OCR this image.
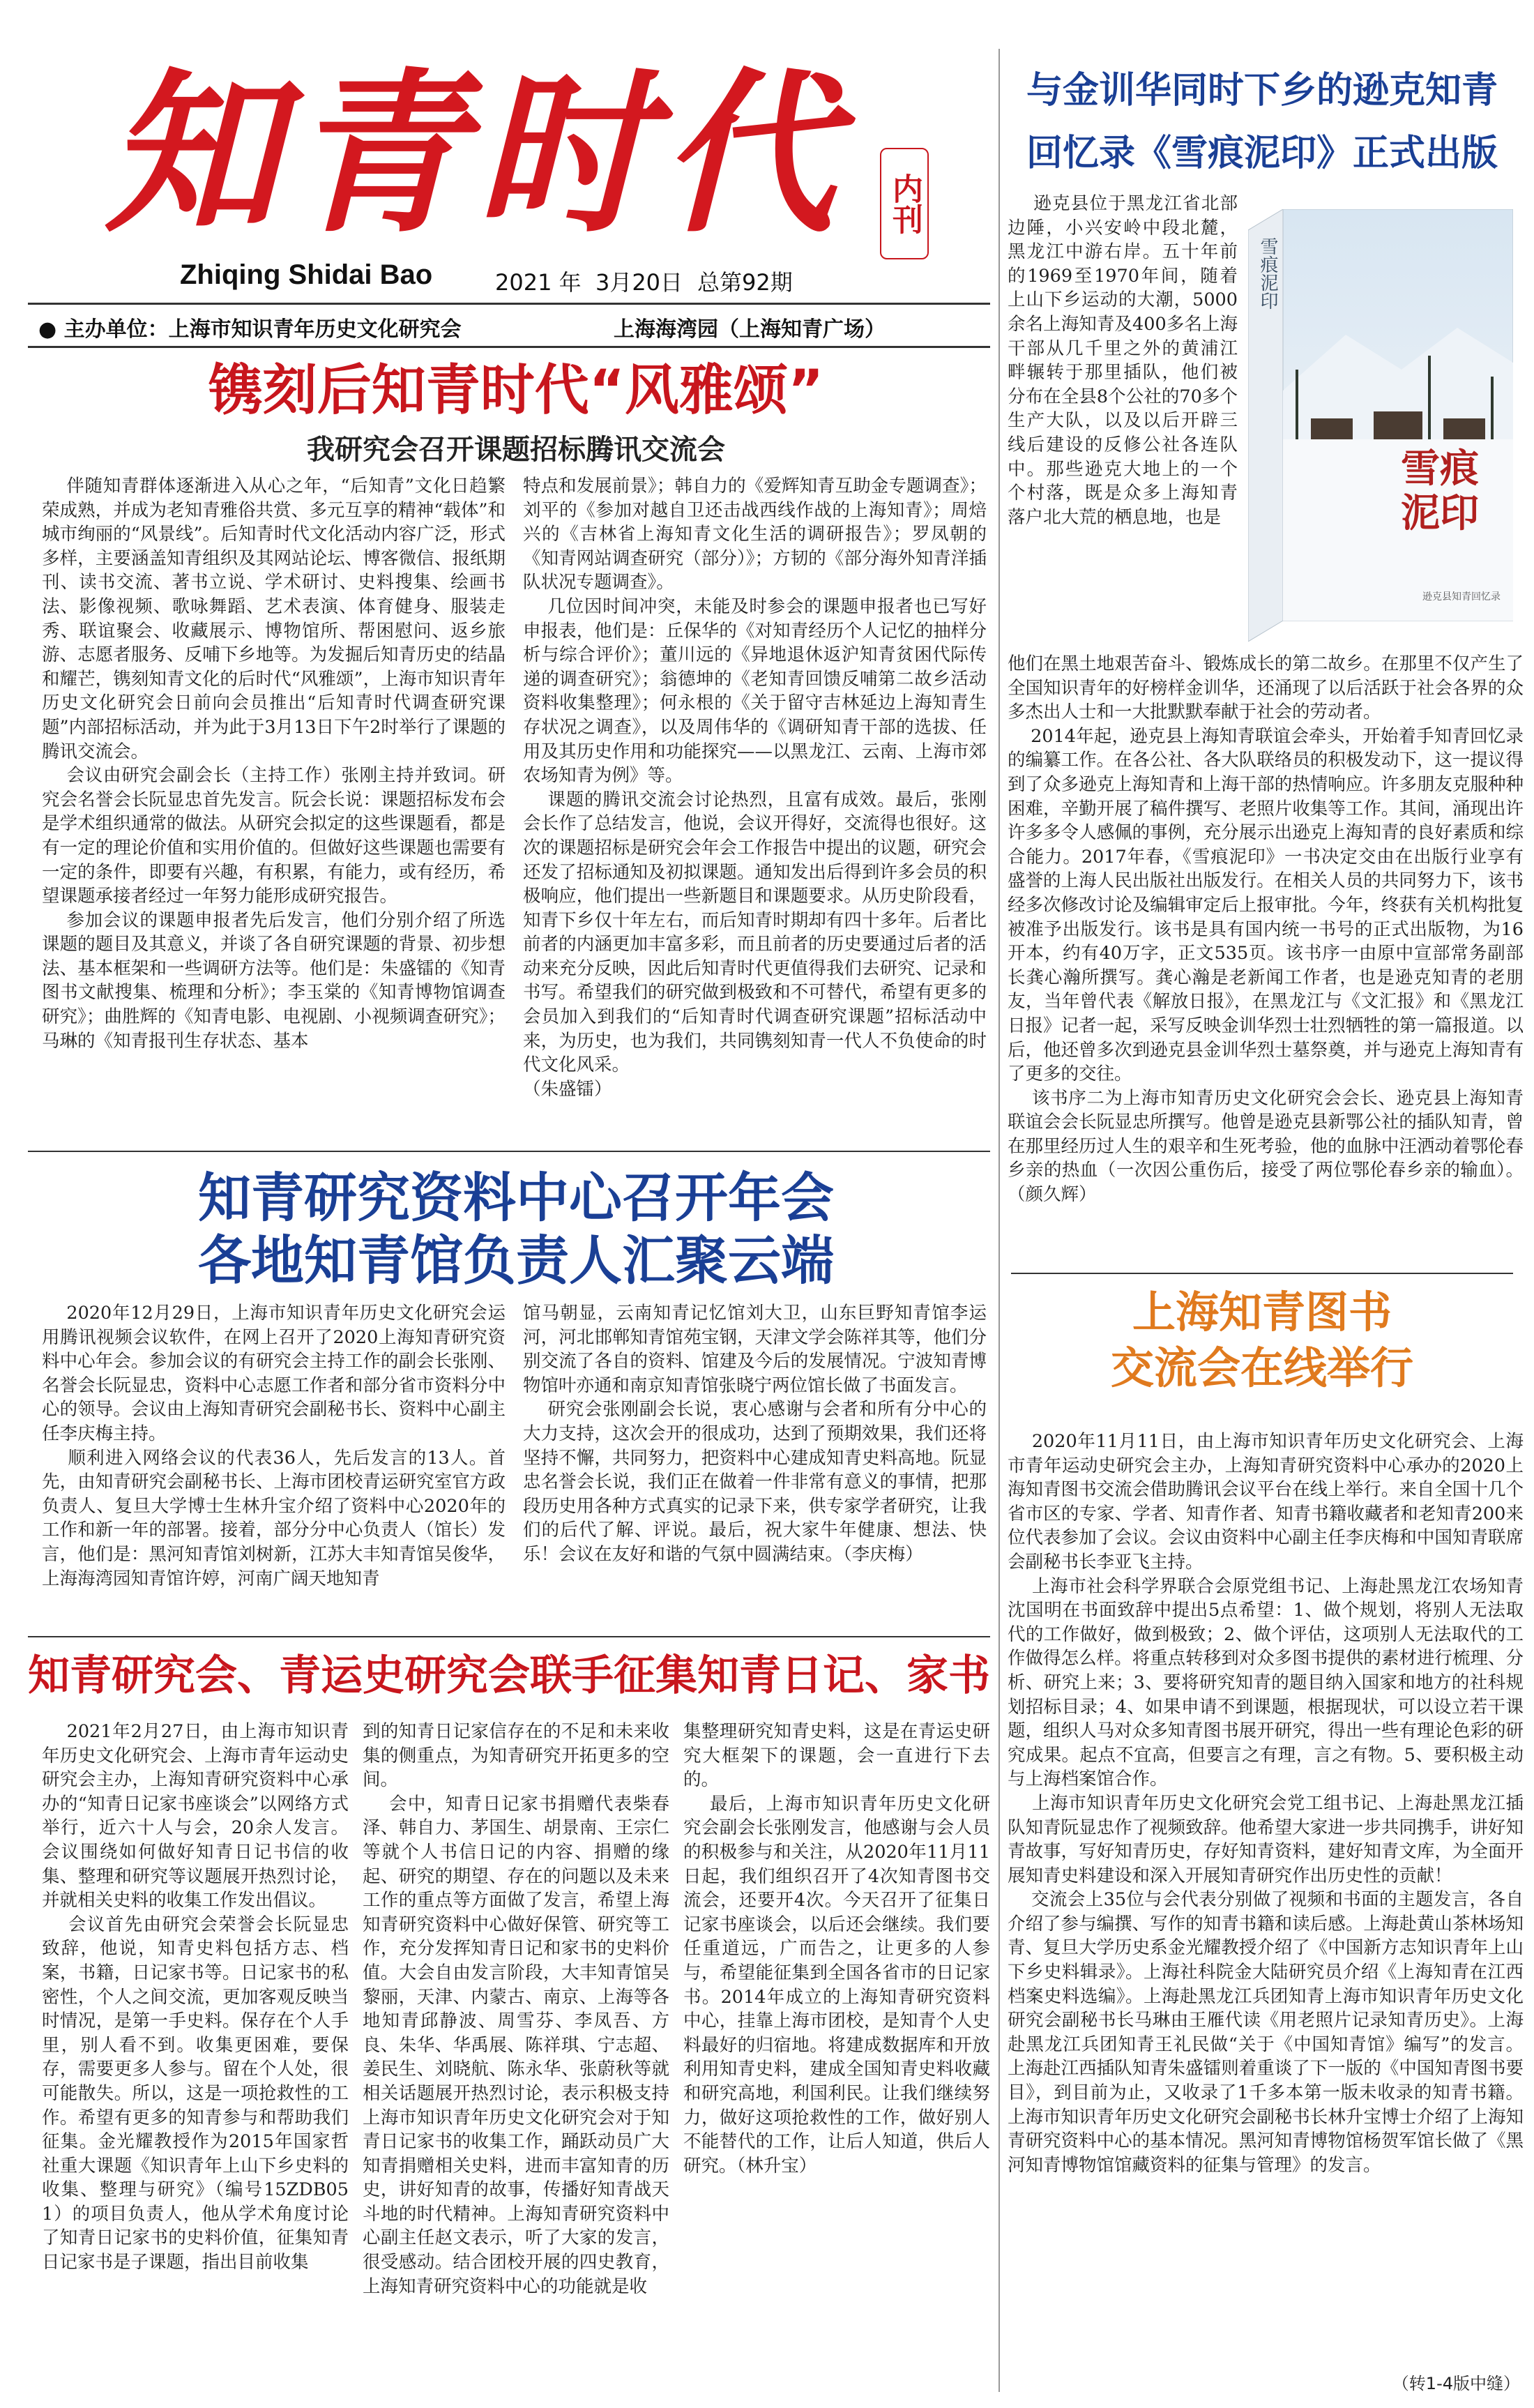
知青时代 内刊
Zhiqing Shidai Bao	2021 年  3月20日 总第92期
● 主办单位：上海市知识青年历史文化研究会	上海海湾园（上海知青广场）
镌刻后知青时代“风雅颂”
我研究会召开课题招标腾讯交流会
伴随知青群体逐渐进入从心之年，“后知青”文化日趋繁荣成熟，并成为老知青雅俗共赏、多元互享的精神“载体”和城市绚丽的“风景线”。后知青时代文化活动内容广泛，形式多样，主要涵盖知青组织及其网站论坛、博客微信、报纸期刊、读书交流、著书立说、学术研讨、史料搜集、绘画书法、影像视频、歌咏舞蹈、艺术表演、体育健身、服装走秀、联谊聚会、收藏展示、博物馆所、帮困慰问、返乡旅游、志愿者服务、反哺下乡地等。为发掘后知青历史的结晶和耀芒，镌刻知青文化的后时代“风雅颂”，上海市知识青年历史文化研究会日前向会员推出“后知青时代调查研究课题”内部招标活动，并为此于3月13日下午2时举行了课题的腾讯交流会。
会议由研究会副会长（主持工作）张刚主持并致词。研究会名誉会长阮显忠首先发言。阮会长说：课题招标发布会是学术组织通常的做法。从研究会拟定的这些课题看，都是有一定的理论价值和实用价值的。但做好这些课题也需要有一定的条件，即要有兴趣，有积累，有能力，或有经历，希望课题承接者经过一年努力能形成研究报告。
参加会议的课题申报者先后发言，他们分别介绍了所选课题的题目及其意义，并谈了各自研究课题的背景、初步想法、基本框架和一些调研方法等。他们是：朱盛镭的《知青图书文献搜集、梳理和分析》；李玉棠的《知青博物馆调查研究》；曲胜辉的《知青电影、电视剧、小视频调查研究》；马琳的《知青报刊生存状态、基本
特点和发展前景》；韩自力的《爱辉知青互助金专题调查》；刘平的《参加对越自卫还击战西线作战的上海知青》；周焙兴的《吉林省上海知青文化生活的调研报告》；罗凤朝的《知青网站调查研究（部分）》；方韧的《部分海外知青洋插队状况专题调查》。
几位因时间冲突，未能及时参会的课题申报者也已写好申报表，他们是：丘保华的《对知青经历个人记忆的抽样分析与综合评价》；董川远的《异地退休返沪知青贫困代际传递的调查研究》；翁德坤的《老知青回馈反哺第二故乡活动资料收集整理》；何永根的《关于留守吉林延边上海知青生存状况之调查》，以及周伟华的《调研知青干部的选拔、任用及其历史作用和功能探究——以黑龙江、云南、上海市郊农场知青为例》等。
课题的腾讯交流会讨论热烈，且富有成效。最后，张刚会长作了总结发言，他说，会议开得好，交流得也很好。这次的课题招标是研究会年会工作报告中提出的议题，研究会还发了招标通知及初拟课题。通知发出后得到许多会员的积极响应，他们提出一些新题目和课题要求。从历史阶段看，知青下乡仅十年左右，而后知青时期却有四十多年。后者比前者的内涵更加丰富多彩，而且前者的历史要通过后者的活动来充分反映，因此后知青时代更值得我们去研究、记录和书写。希望我们的研究做到极致和不可替代，希望有更多的会员加入到我们的“后知青时代调查研究课题”招标活动中来，为历史，也为我们，共同镌刻知青一代人不负使命的时代文化风采。
（朱盛镭）
知青研究资料中心召开年会
各地知青馆负责人汇聚云端
2020年12月29日，上海市知识青年历史文化研究会运用腾讯视频会议软件，在网上召开了2020上海知青研究资料中心年会。参加会议的有研究会主持工作的副会长张刚、名誉会长阮显忠，资料中心志愿工作者和部分省市资料分中心的领导。会议由上海知青研究会副秘书长、资料中心副主任李庆梅主持。
顺利进入网络会议的代表36人，先后发言的13人。首先，由知青研究会副秘书长、上海市团校青运研究室官方政负责人、复旦大学博士生林升宝介绍了资料中心2020年的工作和新一年的部署。接着，部分分中心负责人（馆长）发言，他们是：黑河知青馆刘树新，江苏大丰知青馆吴俊华，上海海湾园知青馆许婷，河南广阔天地知青
馆马朝显，云南知青记忆馆刘大卫，山东巨野知青馆李运河，河北邯郸知青馆苑宝钢，天津文学会陈祥其等，他们分别交流了各自的资料、馆建及今后的发展情况。宁波知青博物馆叶亦通和南京知青馆张晓宁两位馆长做了书面发言。
研究会张刚副会长说，衷心感谢与会者和所有分中心的大力支持，这次会开的很成功，达到了预期效果，我们还将坚持不懈，共同努力，把资料中心建成知青史料高地。阮显忠名誉会长说，我们正在做着一件非常有意义的事情，把那段历史用各种方式真实的记录下来，供专家学者研究，让我们的后代了解、评说。最后，祝大家牛年健康、想法、快乐！会议在友好和谐的气氛中圆满结束。（李庆梅）
知青研究会、青运史研究会联手征集知青日记、家书
2021年2月27日，由上海市知识青年历史文化研究会、上海市青年运动史研究会主办，上海知青研究资料中心承办的“知青日记家书座谈会”以网络方式举行，近六十人与会，20余人发言。会议围绕如何做好知青日记书信的收集、整理和研究等议题展开热烈讨论，并就相关史料的收集工作发出倡议。
会议首先由研究会荣誉会长阮显忠致辞，他说，知青史料包括方志、档案，书籍，日记家书等。日记家书的私密性，个人之间交流，更加客观反映当时情况，是第一手史料。保存在个人手里，别人看不到。收集更困难，要保存，需要更多人参与。留在个人处，很可能散失。所以，这是一项抢救性的工作。希望有更多的知青参与和帮助我们征集。金光耀教授作为2015年国家哲社重大课题《知识青年上山下乡史料的收集、整理与研究》（编号15ZDB051）的项目负责人，他从学术角度讨论了知青日记家书的史料价值，征集知青日记家书是子课题，指出目前收集
到的知青日记家信存在的不足和未来收集的侧重点，为知青研究开拓更多的空间。
会中，知青日记家书捐赠代表柴春泽、韩自力、茅国生、胡景南、王宗仁等就个人书信日记的内容、捐赠的缘起、研究的期望、存在的问题以及未来工作的重点等方面做了发言，希望上海知青研究资料中心做好保管、研究等工作，充分发挥知青日记和家书的史料价值。大会自由发言阶段，大丰知青馆吴黎丽，天津、内蒙古、南京、上海等各地知青邱静波、周雪芬、李凤吾、方良、朱华、华禹展、陈祥琪、宁志超、姜民生、刘晓航、陈永华、张蔚秋等就相关话题展开热烈讨论，表示积极支持上海市知识青年历史文化研究会对于知青日记家书的收集工作，踊跃动员广大知青捐赠相关史料，进而丰富知青的历史，讲好知青的故事，传播好知青战天斗地的时代精神。上海知青研究资料中心副主任赵文表示，听了大家的发言，很受感动。结合团校开展的四史教育，上海知青研究资料中心的功能就是收
集整理研究知青史料，这是在青运史研究大框架下的课题，会一直进行下去的。
最后，上海市知识青年历史文化研究会副会长张刚发言，他感谢与会人员的积极参与和关注，从2020年11月11日起，我们组织召开了4次知青图书交流会，还要开4次。今天召开了征集日记家书座谈会，以后还会继续。我们要任重道远，广而告之，让更多的人参与，希望能征集到全国各省市的日记家书。2014年成立的上海知青研究资料中心，挂靠上海市团校，是知青个人史料最好的归宿地。将建成数据库和开放利用知青史料，建成全国知青史料收藏和研究高地，利国利民。让我们继续努力，做好这项抢救性的工作，做好别人不能替代的工作，让后人知道，供后人研究。（林升宝）
与金训华同时下乡的逊克知青
回忆录《雪痕泥印》正式出版
逊克县位于黑龙江省北部边陲，小兴安岭中段北麓，黑龙江中游右岸。五十年前的1969至1970年间，随着上山下乡运动的大潮，5000余名上海知青及400多名上海干部从几千里之外的黄浦江畔辗转于那里插队，他们被分布在全县8个公社的70多个生产大队，以及以后开辟三线后建设的反修公社各连队中。那些逊克大地上的一个个村落，既是众多上海知青落户北大荒的栖息地，也是
雪痕泥印
雪痕泥印
逊克县知青回忆录
他们在黑土地艰苦奋斗、锻炼成长的第二故乡。在那里不仅产生了全国知识青年的好榜样金训华，还涌现了以后活跃于社会各界的众多杰出人士和一大批默默奉献于社会的劳动者。
2014年起，逊克县上海知青联谊会牵头，开始着手知青回忆录的编纂工作。在各公社、各大队联络员的积极发动下，这一提议得到了众多逊克上海知青和上海干部的热情响应。许多朋友克服种种困难，辛勤开展了稿件撰写、老照片收集等工作。其间，涌现出许许多多令人感佩的事例，充分展示出逊克上海知青的良好素质和综合能力。2017年春，《雪痕泥印》一书决定交由在出版行业享有盛誉的上海人民出版社出版发行。在相关人员的共同努力下，该书经多次修改讨论及编辑审定后上报审批。今年，终获有关机构批复被准予出版发行。该书是具有国内统一书号的正式出版物，为16开本，约有40万字，正文535页。该书序一由原中宣部常务副部长龚心瀚所撰写。龚心瀚是老新闻工作者，也是逊克知青的老朋友，当年曾代表《解放日报》，在黑龙江与《文汇报》和《黑龙江日报》记者一起，采写反映金训华烈士壮烈牺牲的第一篇报道。以后，他还曾多次到逊克县金训华烈士墓祭奠，并与逊克上海知青有了更多的交往。
该书序二为上海市知青历史文化研究会会长、逊克县上海知青联谊会会长阮显忠所撰写。他曾是逊克县新鄂公社的插队知青，曾在那里经历过人生的艰辛和生死考验，他的血脉中汪洒动着鄂伦春乡亲的热血（一次因公重伤后，接受了两位鄂伦春乡亲的输血）。（颜久辉）
上海知青图书
交流会在线举行
2020年11月11日，由上海市知识青年历史文化研究会、上海市青年运动史研究会主办，上海知青研究资料中心承办的2020上海知青图书交流会借助腾讯会议平台在线上举行。来自全国十几个省市区的专家、学者、知青作者、知青书籍收藏者和老知青200来位代表参加了会议。会议由资料中心副主任李庆梅和中国知青联席会副秘书长李亚飞主持。
上海市社会科学界联合会原党组书记、上海赴黑龙江农场知青沈国明在书面致辞中提出5点希望：1、做个规划，将别人无法取代的工作做好，做到极致；2、做个评估，这项别人无法取代的工作做得怎么样。将重点转移到对众多图书提供的素材进行梳理、分析、研究上来；3、要将研究知青的题目纳入国家和地方的社科规划招标目录；4、如果申请不到课题，根据现状，可以设立若干课题，组织人马对众多知青图书展开研究，得出一些有理论色彩的研究成果。起点不宜高，但要言之有理，言之有物。5、要积极主动与上海档案馆合作。
上海市知识青年历史文化研究会党工组书记、上海赴黑龙江插队知青阮显忠作了视频致辞。他希望大家进一步共同携手，讲好知青故事，写好知青历史，存好知青资料，建好知青文库，为全面开展知青史料建设和深入开展知青研究作出历史性的贡献！
交流会上35位与会代表分别做了视频和书面的主题发言，各自介绍了参与编撰、写作的知青书籍和读后感。上海赴黄山茶林场知青、复旦大学历史系金光耀教授介绍了《中国新方志知识青年上山下乡史料辑录》。上海社科院金大陆研究员介绍《上海知青在江西档案史料选编》。上海赴黑龙江兵团知青上海市知识青年历史文化研究会副秘书长马琳由王雁代读《用老照片记录知青历史》。上海赴黑龙江兵团知青王礼民做“关于《中国知青馆》编写”的发言。上海赴江西插队知青朱盛镭则着重谈了下一版的《中国知青图书要目》，到目前为止，又收录了1千多本第一版未收录的知青书籍。上海市知识青年历史文化研究会副秘书长林升宝博士介绍了上海知青研究资料中心的基本情况。黑河知青博物馆杨贺军馆长做了《黑河知青博物馆馆藏资料的征集与管理》的发言。
（转1-4版中缝）
